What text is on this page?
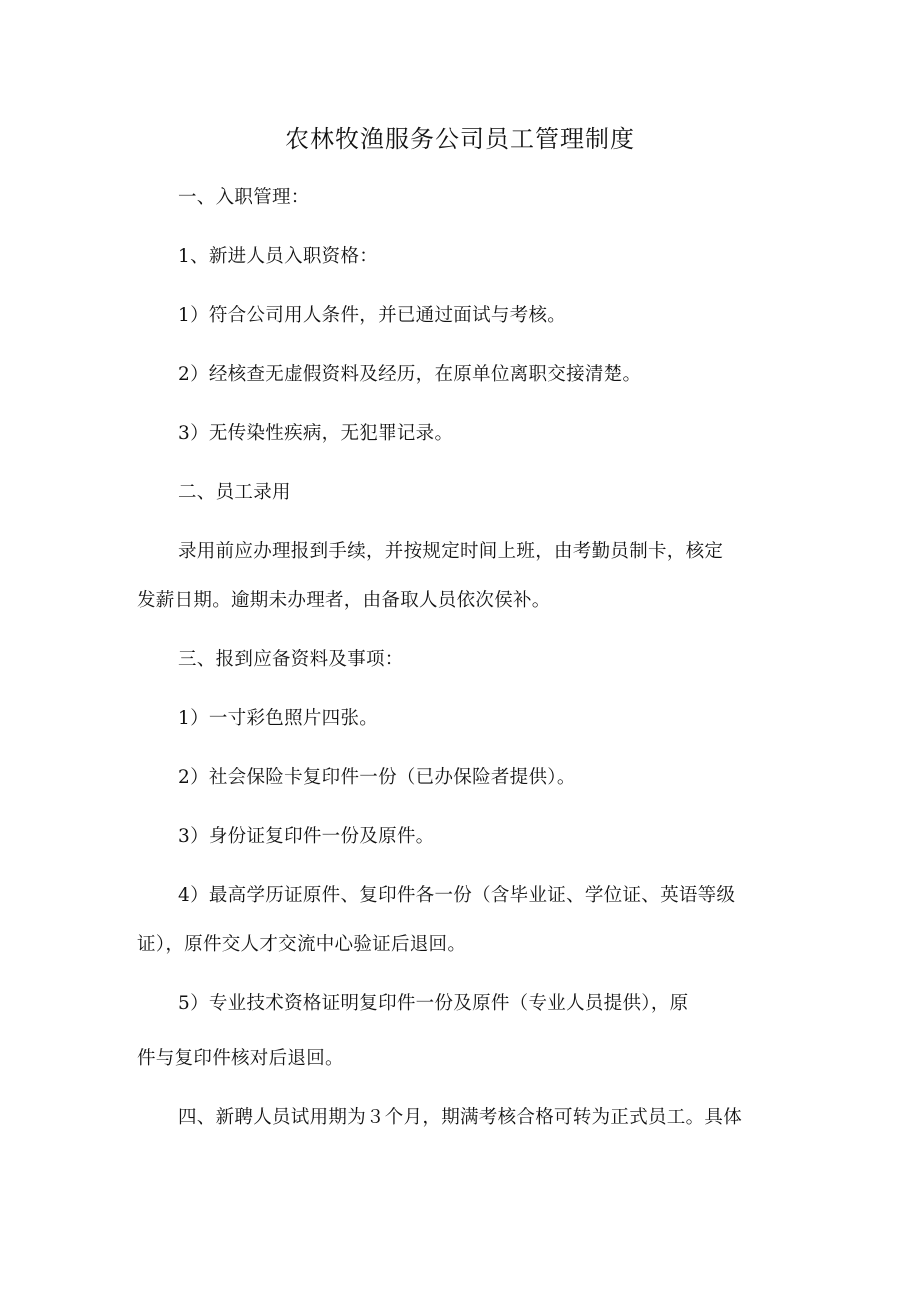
农林牧渔服务公司员工管理制度
一、入职管理：
1、新进人员入职资格：
1）符合公司用人条件，并已通过面试与考核。
2）经核查无虚假资料及经历，在原单位离职交接清楚。
3）无传染性疾病，无犯罪记录。
二、员工录用
录用前应办理报到手续，并按规定时间上班，由考勤员制卡，核定
发薪日期。逾期未办理者，由备取人员依次侯补。
三、报到应备资料及事项：
1）一寸彩色照片四张。
2）社会保险卡复印件一份（已办保险者提供）。
3）身份证复印件一份及原件。
4）最高学历证原件、复印件各一份（含毕业证、学位证、英语等级
证），原件交人才交流中心验证后退回。
5）专业技术资格证明复印件一份及原件（专业人员提供），原
件与复印件核对后退回。
四、新聘人员试用期为３个月，期满考核合格可转为正式员工。具体
